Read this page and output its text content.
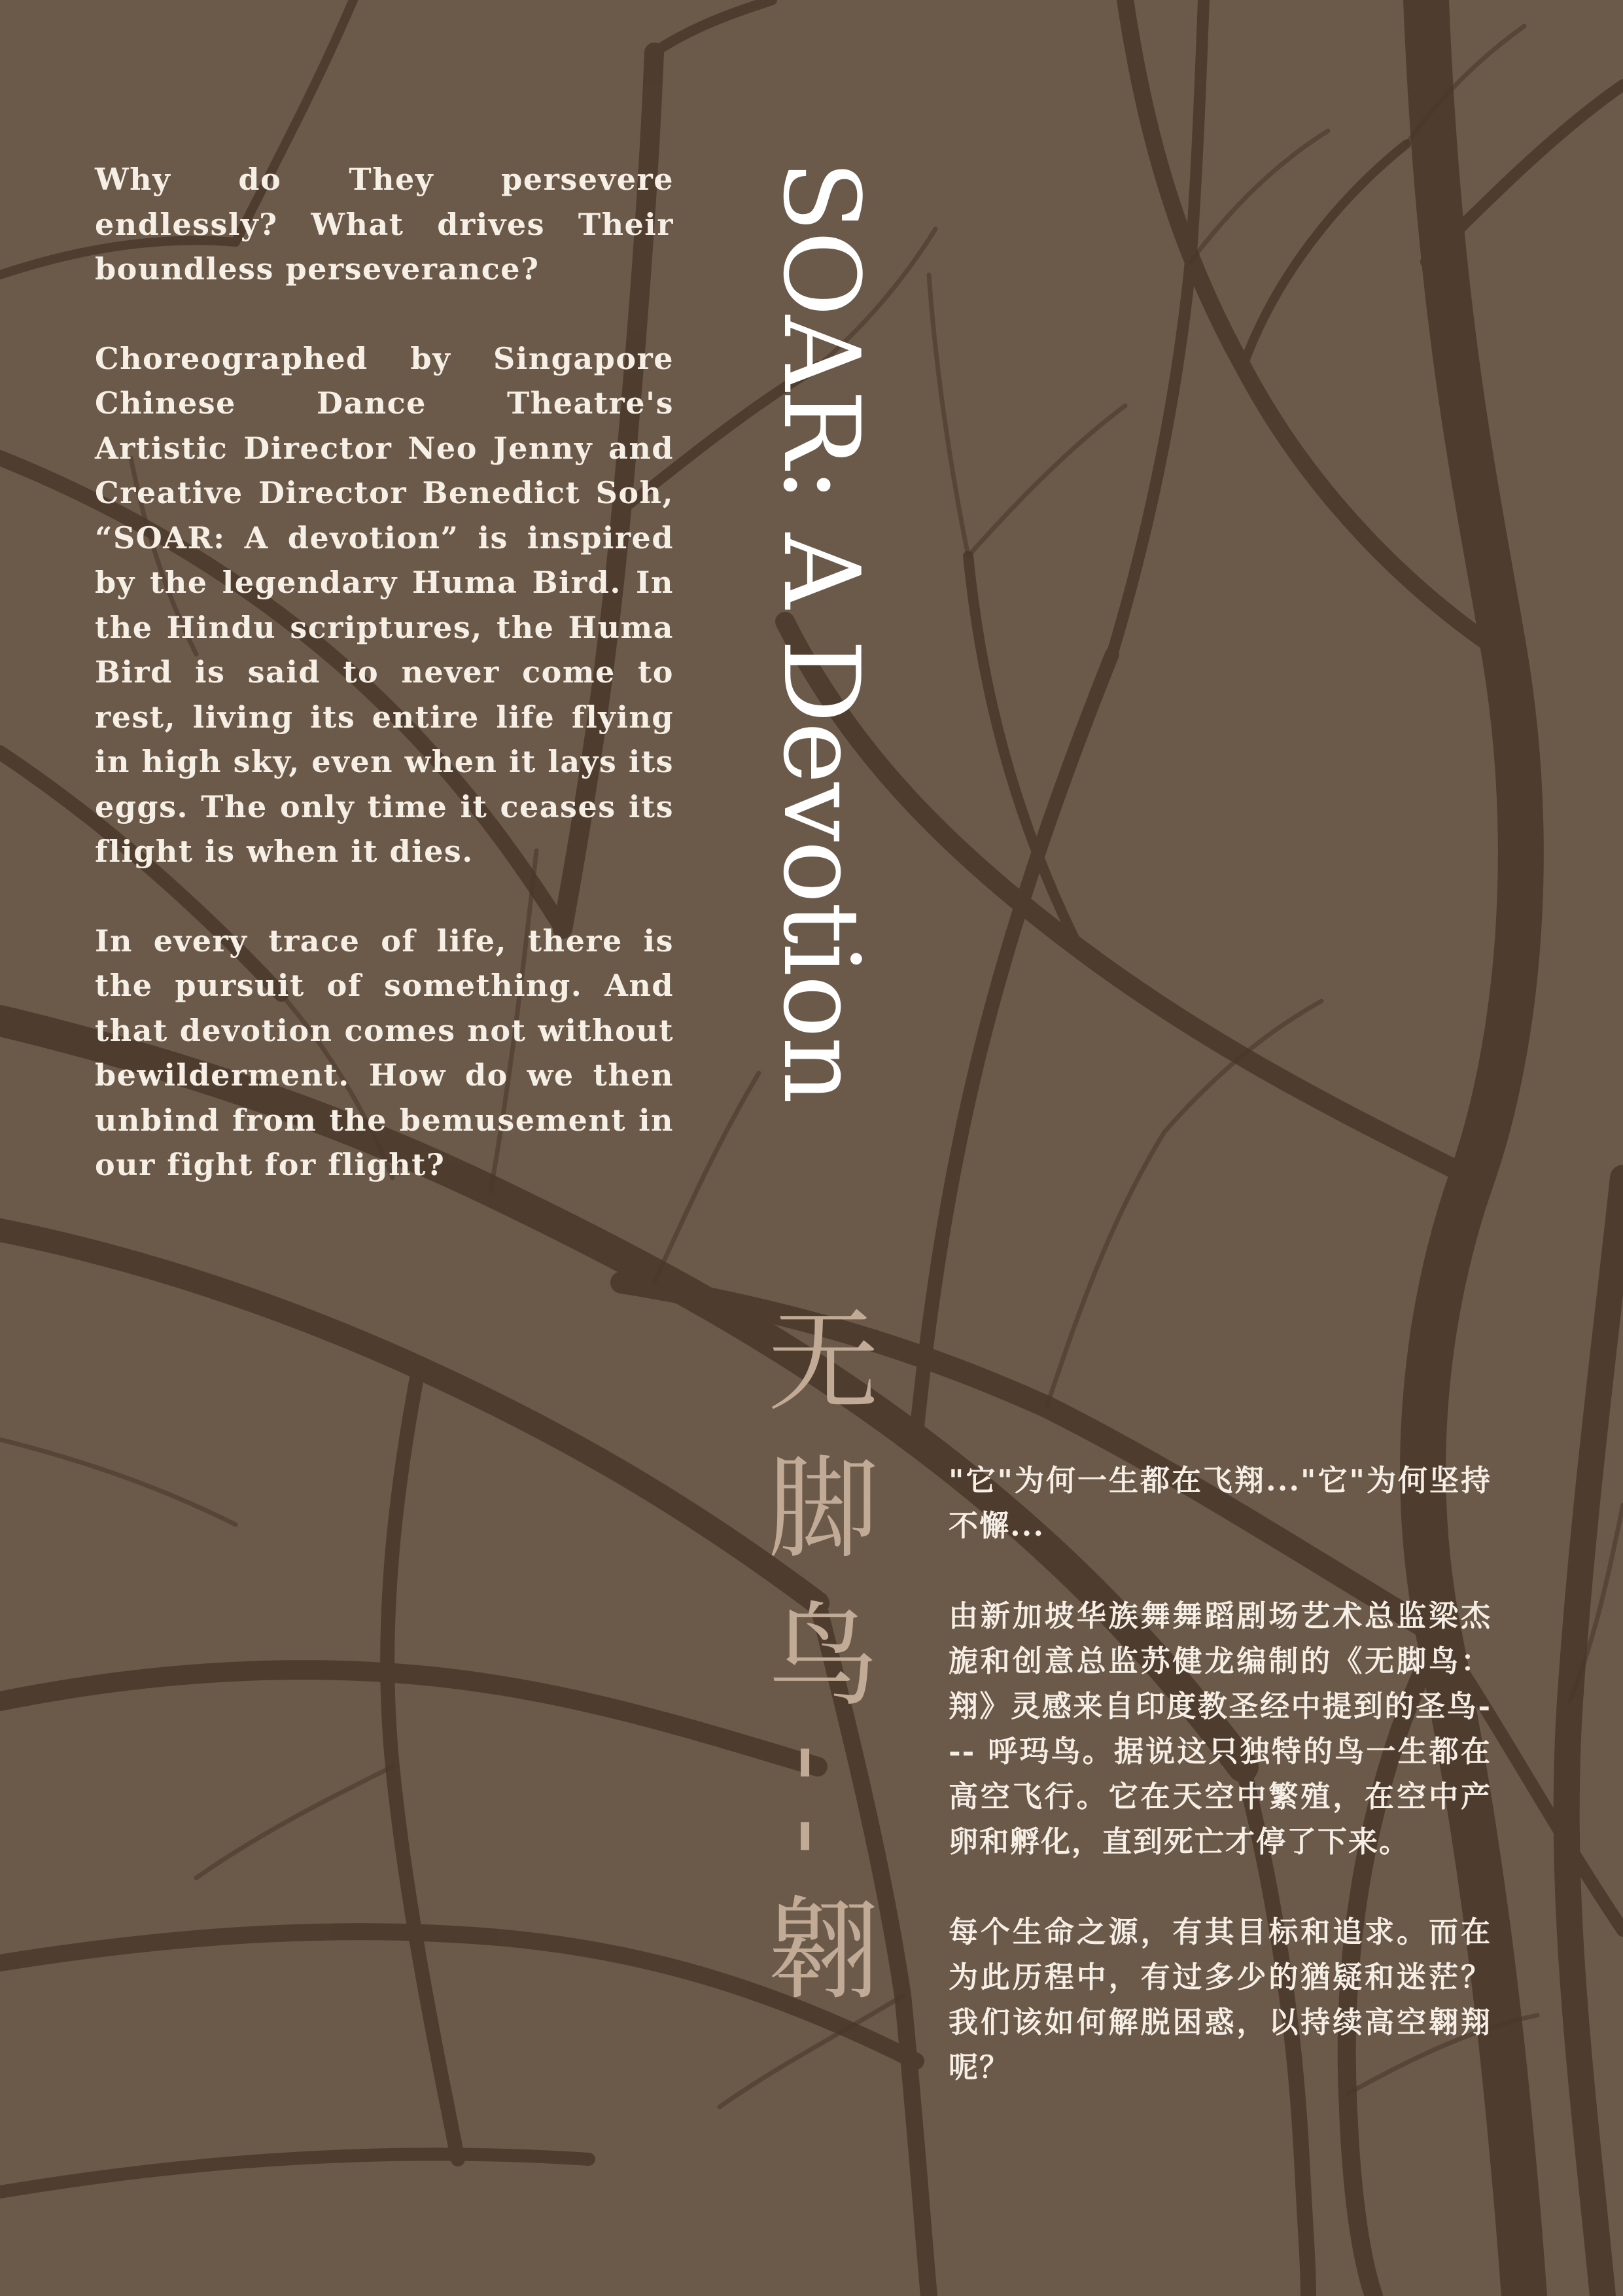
Why do They persevere endlessly? What drives Their boundless perseverance?

Choreographed by Singapore Chinese Dance Theatre's Artistic Director Neo Jenny and Creative Director Benedict Soh, “SOAR: A devotion” is inspired by the legendary Huma Bird. In the Hindu scriptures, the Huma Bird is said to never come to rest, living its entire life flying in high sky, even when it lays its eggs. The only time it ceases its flight is when it dies.

In every trace of life, there is the pursuit of something. And that devotion comes not without bewilderment. How do we then unbind from the bemusement in our fight for flight?

SOAR: A Devotion
无脚鸟--翱 "它"为何一生都在飞翔..."它"为何坚持不懈...

由新加坡华族舞舞蹈剧场艺术总监梁杰旎和创意总监苏健龙编制的《无脚鸟：翔》灵感来自印度教圣经中提到的圣鸟--- 呼玛鸟。据说这只独特的鸟一生都在高空飞行。它在天空中繁殖，在空中产卵和孵化，直到死亡才停了下来。

每个生命之源，有其目标和追求。而在为此历程中，有过多少的猶疑和迷茫？我们该如何解脱困惑，以持续高空翱翔呢？
